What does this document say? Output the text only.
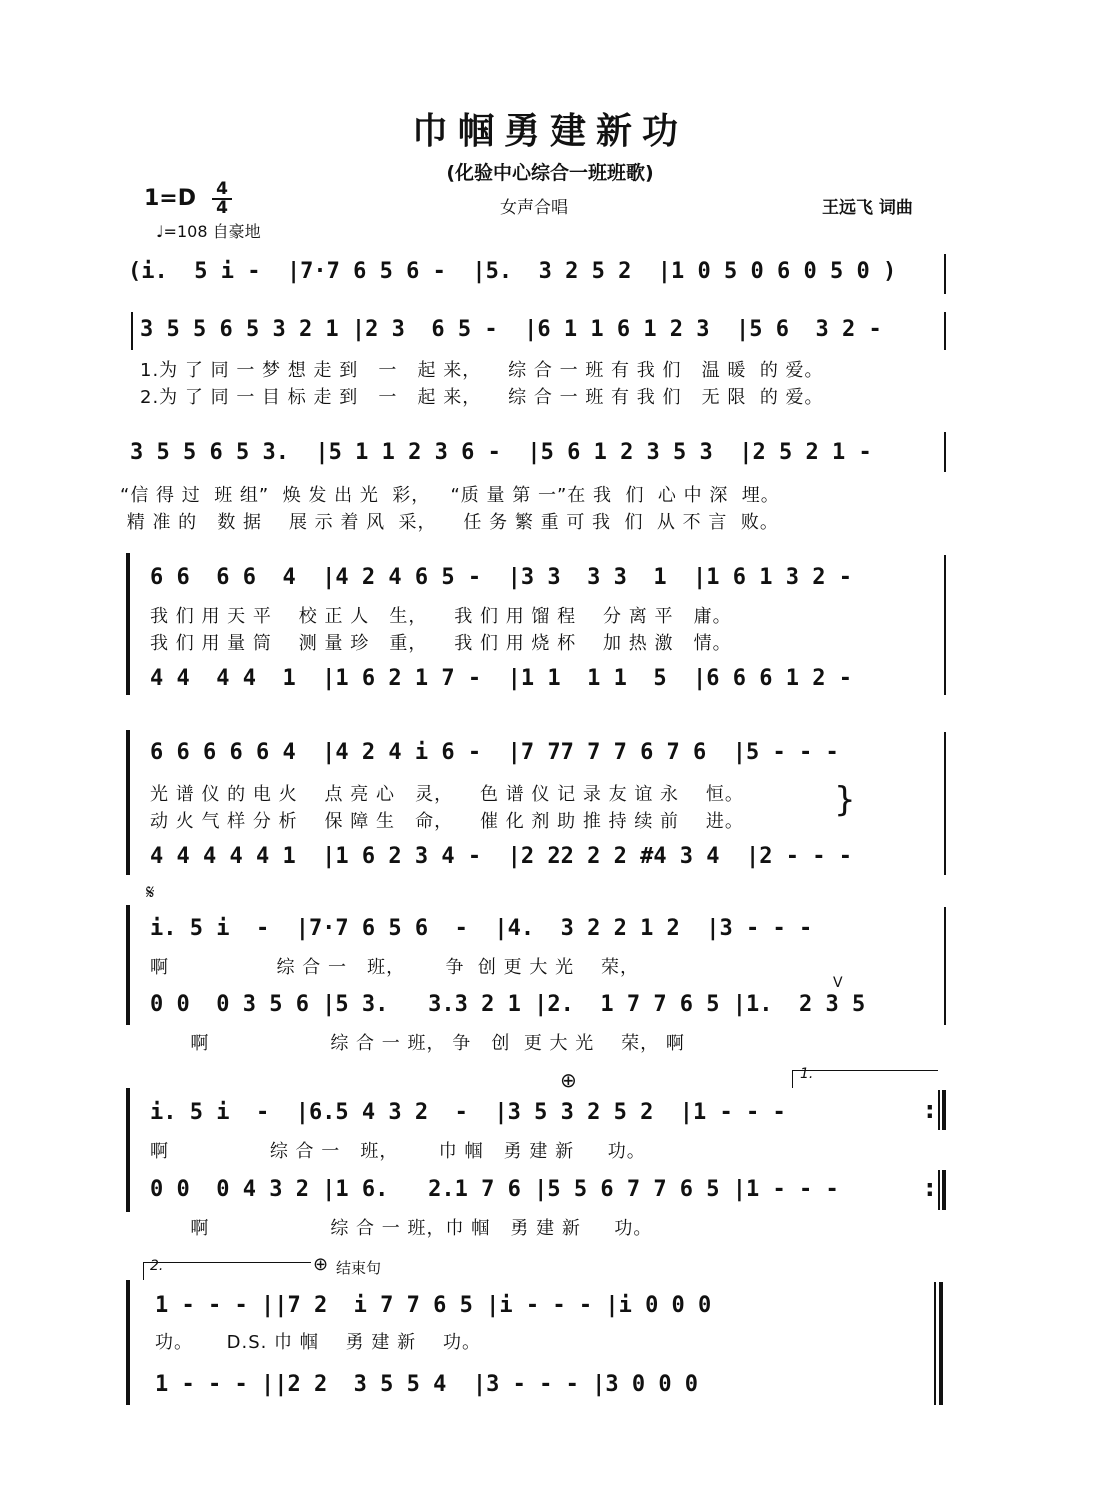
巾帼勇建新功
(化验中心综合一班班歌)
1=D 4
4	女声合唱	王远飞 词曲
♩=108 自豪地
(i.  5 i -  |7·7 6 5 6 -  |5.  3 2 5 2  |1 0 5 0 6 0 5 0 )
3 5 5 6 5 3 2 1 |2 3  6 5 -  |6 1 1 6 1 2 3  |5 6  3 2 -
1.为 了 同 一 梦 想 走 到   一   起 来，    综 合 一 班 有 我 们   温 暖  的 爱。
2.为 了 同 一 目 标 走 到   一   起 来，    综 合 一 班 有 我 们   无 限  的 爱。
3 5 5 6 5 3.  |5 1 1 2 3 6 -  |5 6 1 2 3 5 3  |2 5 2 1 -
“信 得 过  班 组”  焕 发 出 光  彩，   “质 量 第 一”在 我  们  心 中 深  埋。
精 准 的   数 据    展 示 着 风  采，    任 务 繁 重 可 我  们  从 不 言  败。
6 6  6 6  4  |4 2 4 6 5 -  |3 3  3 3  1  |1 6 1 3 2 -
我 们 用 天 平    校 正 人   生，    我 们 用 馏 程    分 离 平   庸。
我 们 用 量 筒    测 量 珍   重，    我 们 用 烧 杯    加 热 激   情。
4 4  4 4  1  |1 6 2 1 7 -  |1 1  1 1  5  |6 6 6 1 2 -
6 6 6 6 6 4  |4 2 4 i 6 -  |7 77 7 7 6 7 6  |5 - - -
光 谱 仪 的 电 火    点 亮 心   灵，    色 谱 仪 记 录 友 谊 永    恒。
动 火 气 样 分 析    保 障 生   命，    催 化 剂 助 推 持 续 前    进。
4 4 4 4 4 1  |1 6 2 3 4 -  |2 22 2 2 #4 3 4  |2 - - -
}
𝄋
i. 5 i  -  |7·7 6 5 6  -  |4.  3 2 2 1 2  |3 - - -
啊                综 合 一   班，      争  创 更 大 光    荣，
V
0 0  0 3 5 6 |5 3.   3.3 2 1 |2.  1 7 7 6 5 |1.  2 3 5
啊                  综 合 一 班， 争   创  更 大 光    荣， 啊
⊕	1.
i. 5 i  -  |6.5 4 3 2  -  |3 5 3 2 5 2  |1 - - -
啊               综 合 一   班，      巾 帼   勇 建 新     功。
0 0  0 4 3 2 |1 6.   2.1 7 6 |5 5 6 7 7 6 5 |1 - - -
啊                  综 合 一 班，巾 帼   勇 建 新     功。
:
:
2.	⊕ 结束句
1 - - - ||7 2  i 7 7 6 5 |i - - - |i 0 0 0
功。     D.S. 巾 帼    勇 建 新    功。
1 - - - ||2 2  3 5 5 4  |3 - - - |3 0 0 0
